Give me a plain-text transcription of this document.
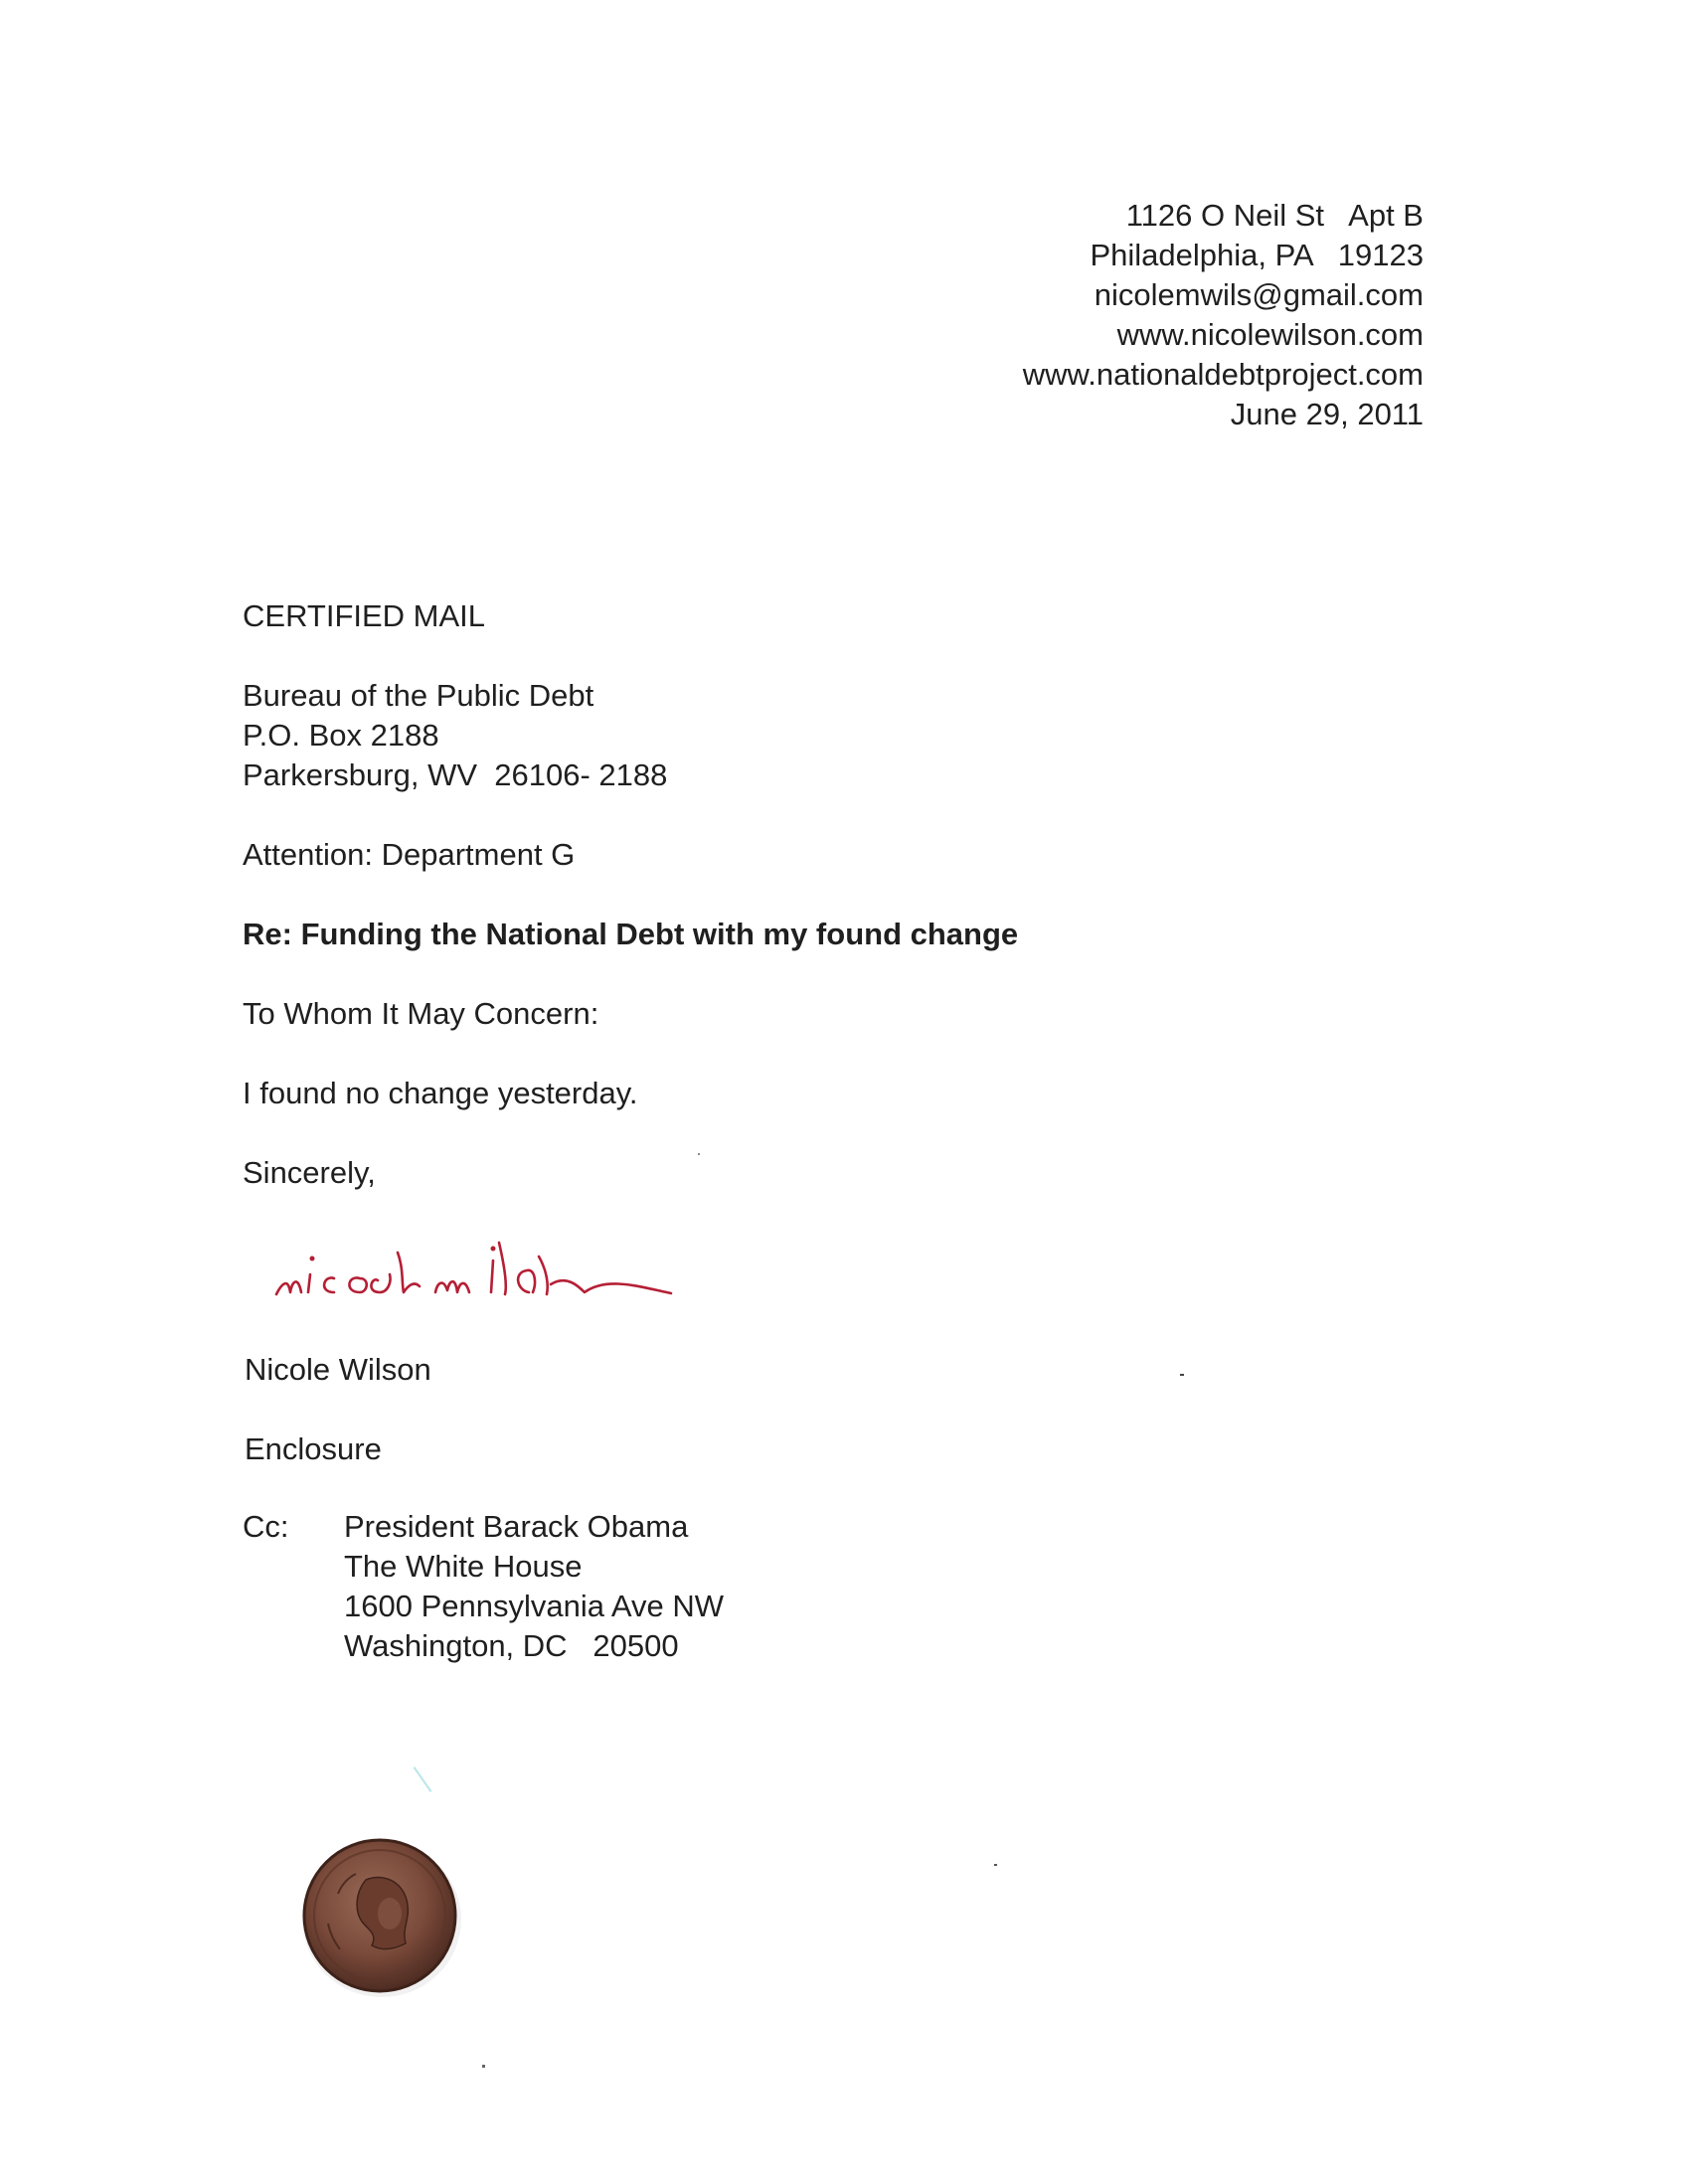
1126 O Neil St   Apt B
Philadelphia, PA   19123
nicolemwils@gmail.com
www.nicolewilson.com
www.nationaldebtproject.com
June 29, 2011
CERTIFIED MAIL
Bureau of the Public Debt
P.O. Box 2188
Parkersburg, WV  26106- 2188
Attention: Department G
Re: Funding the National Debt with my found change
To Whom It May Concern:
I found no change yesterday.
Sincerely,
Nicole Wilson
Enclosure
Cc: President Barack Obama
The White House
1600 Pennsylvania Ave NW
Washington, DC   20500
